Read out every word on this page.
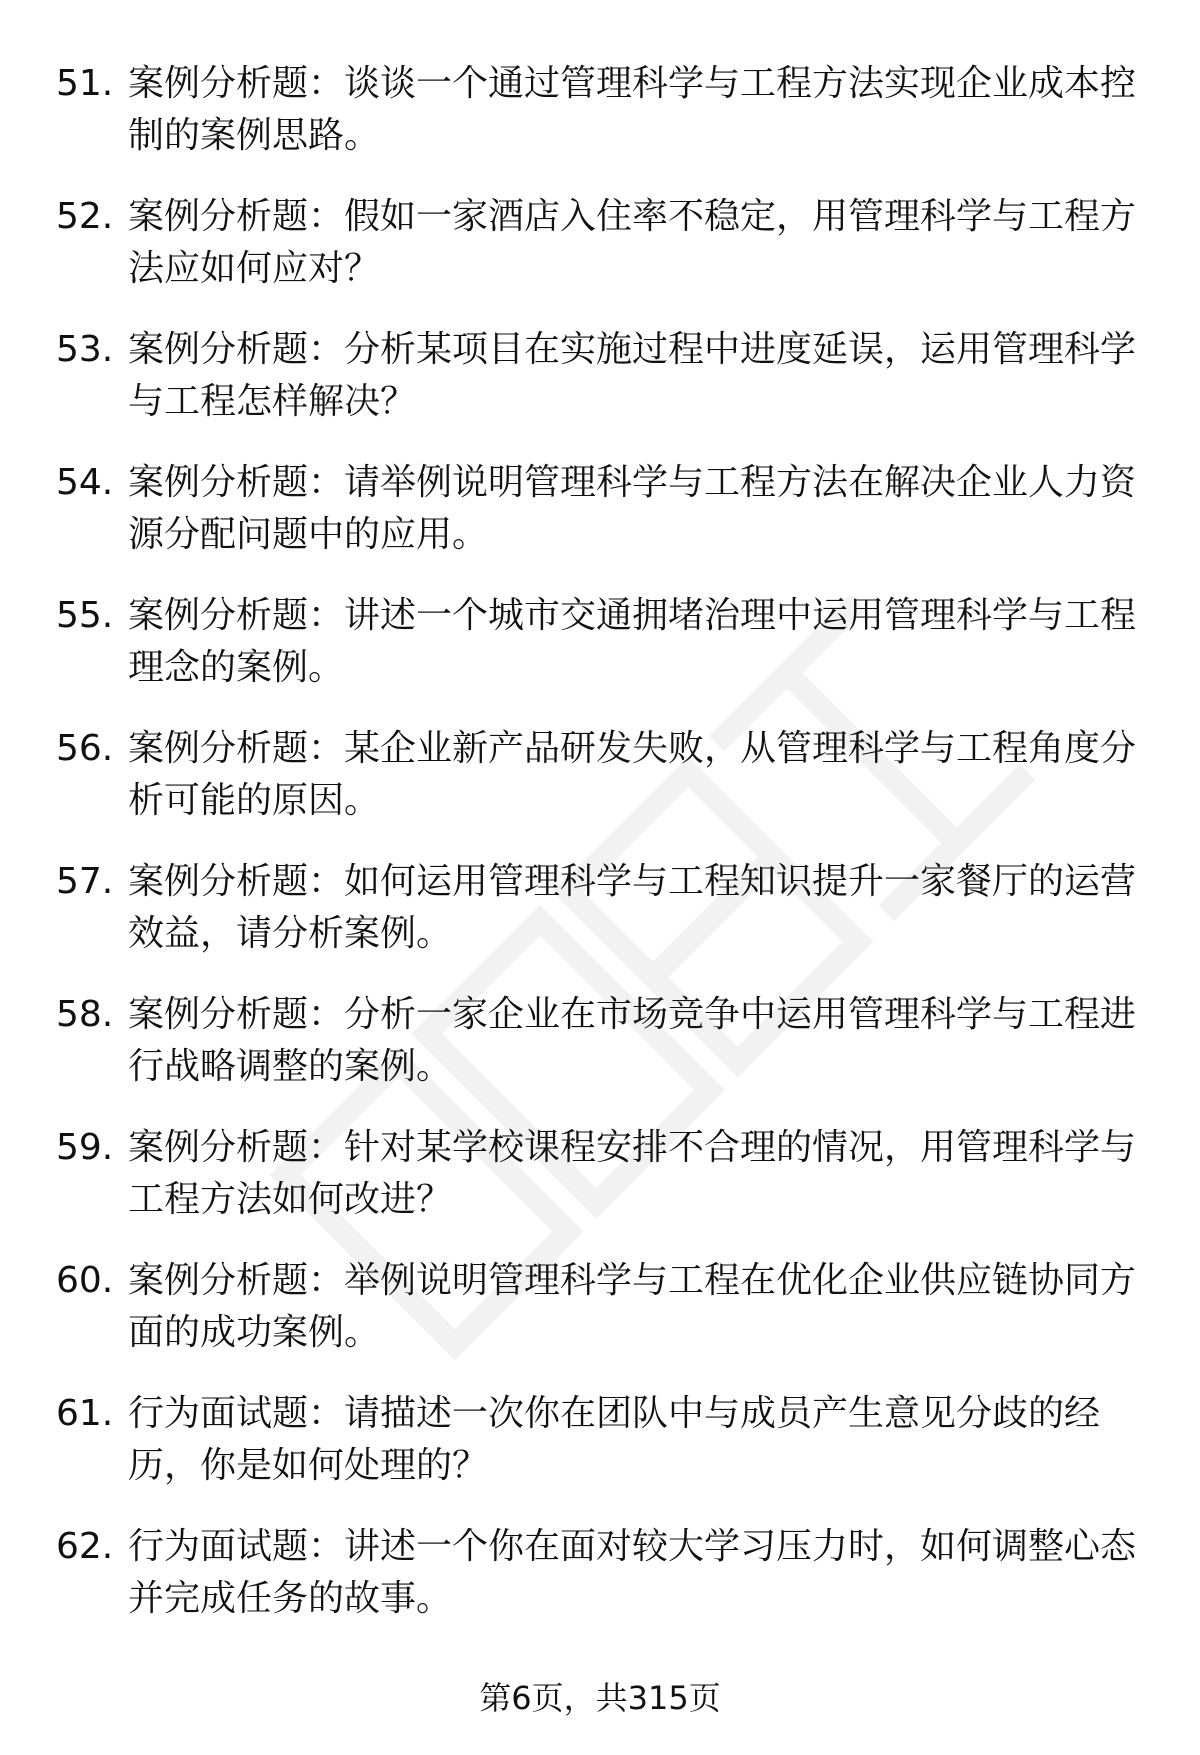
51. 案例分析题：谈谈一个通过管理科学与工程方法实现企业成本控制的案例思路。
52. 案例分析题：假如一家酒店入住率不稳定，用管理科学与工程方法应如何应对？
53. 案例分析题：分析某项目在实施过程中进度延误，运用管理科学与工程怎样解决？
54. 案例分析题：请举例说明管理科学与工程方法在解决企业人力资源分配问题中的应用。
55. 案例分析题：讲述一个城市交通拥堵治理中运用管理科学与工程理念的案例。
56. 案例分析题：某企业新产品研发失败，从管理科学与工程角度分析可能的原因。
57. 案例分析题：如何运用管理科学与工程知识提升一家餐厅的运营效益，请分析案例。
58. 案例分析题：分析一家企业在市场竞争中运用管理科学与工程进行战略调整的案例。
59. 案例分析题：针对某学校课程安排不合理的情况，用管理科学与工程方法如何改进？
60. 案例分析题：举例说明管理科学与工程在优化企业供应链协同方面的成功案例。
61. 行为面试题：请描述一次你在团队中与成员产生意见分歧的经历，你是如何处理的？
62. 行为面试题：讲述一个你在面对较大学习压力时，如何调整心态并完成任务的故事。
第6页，共315页
